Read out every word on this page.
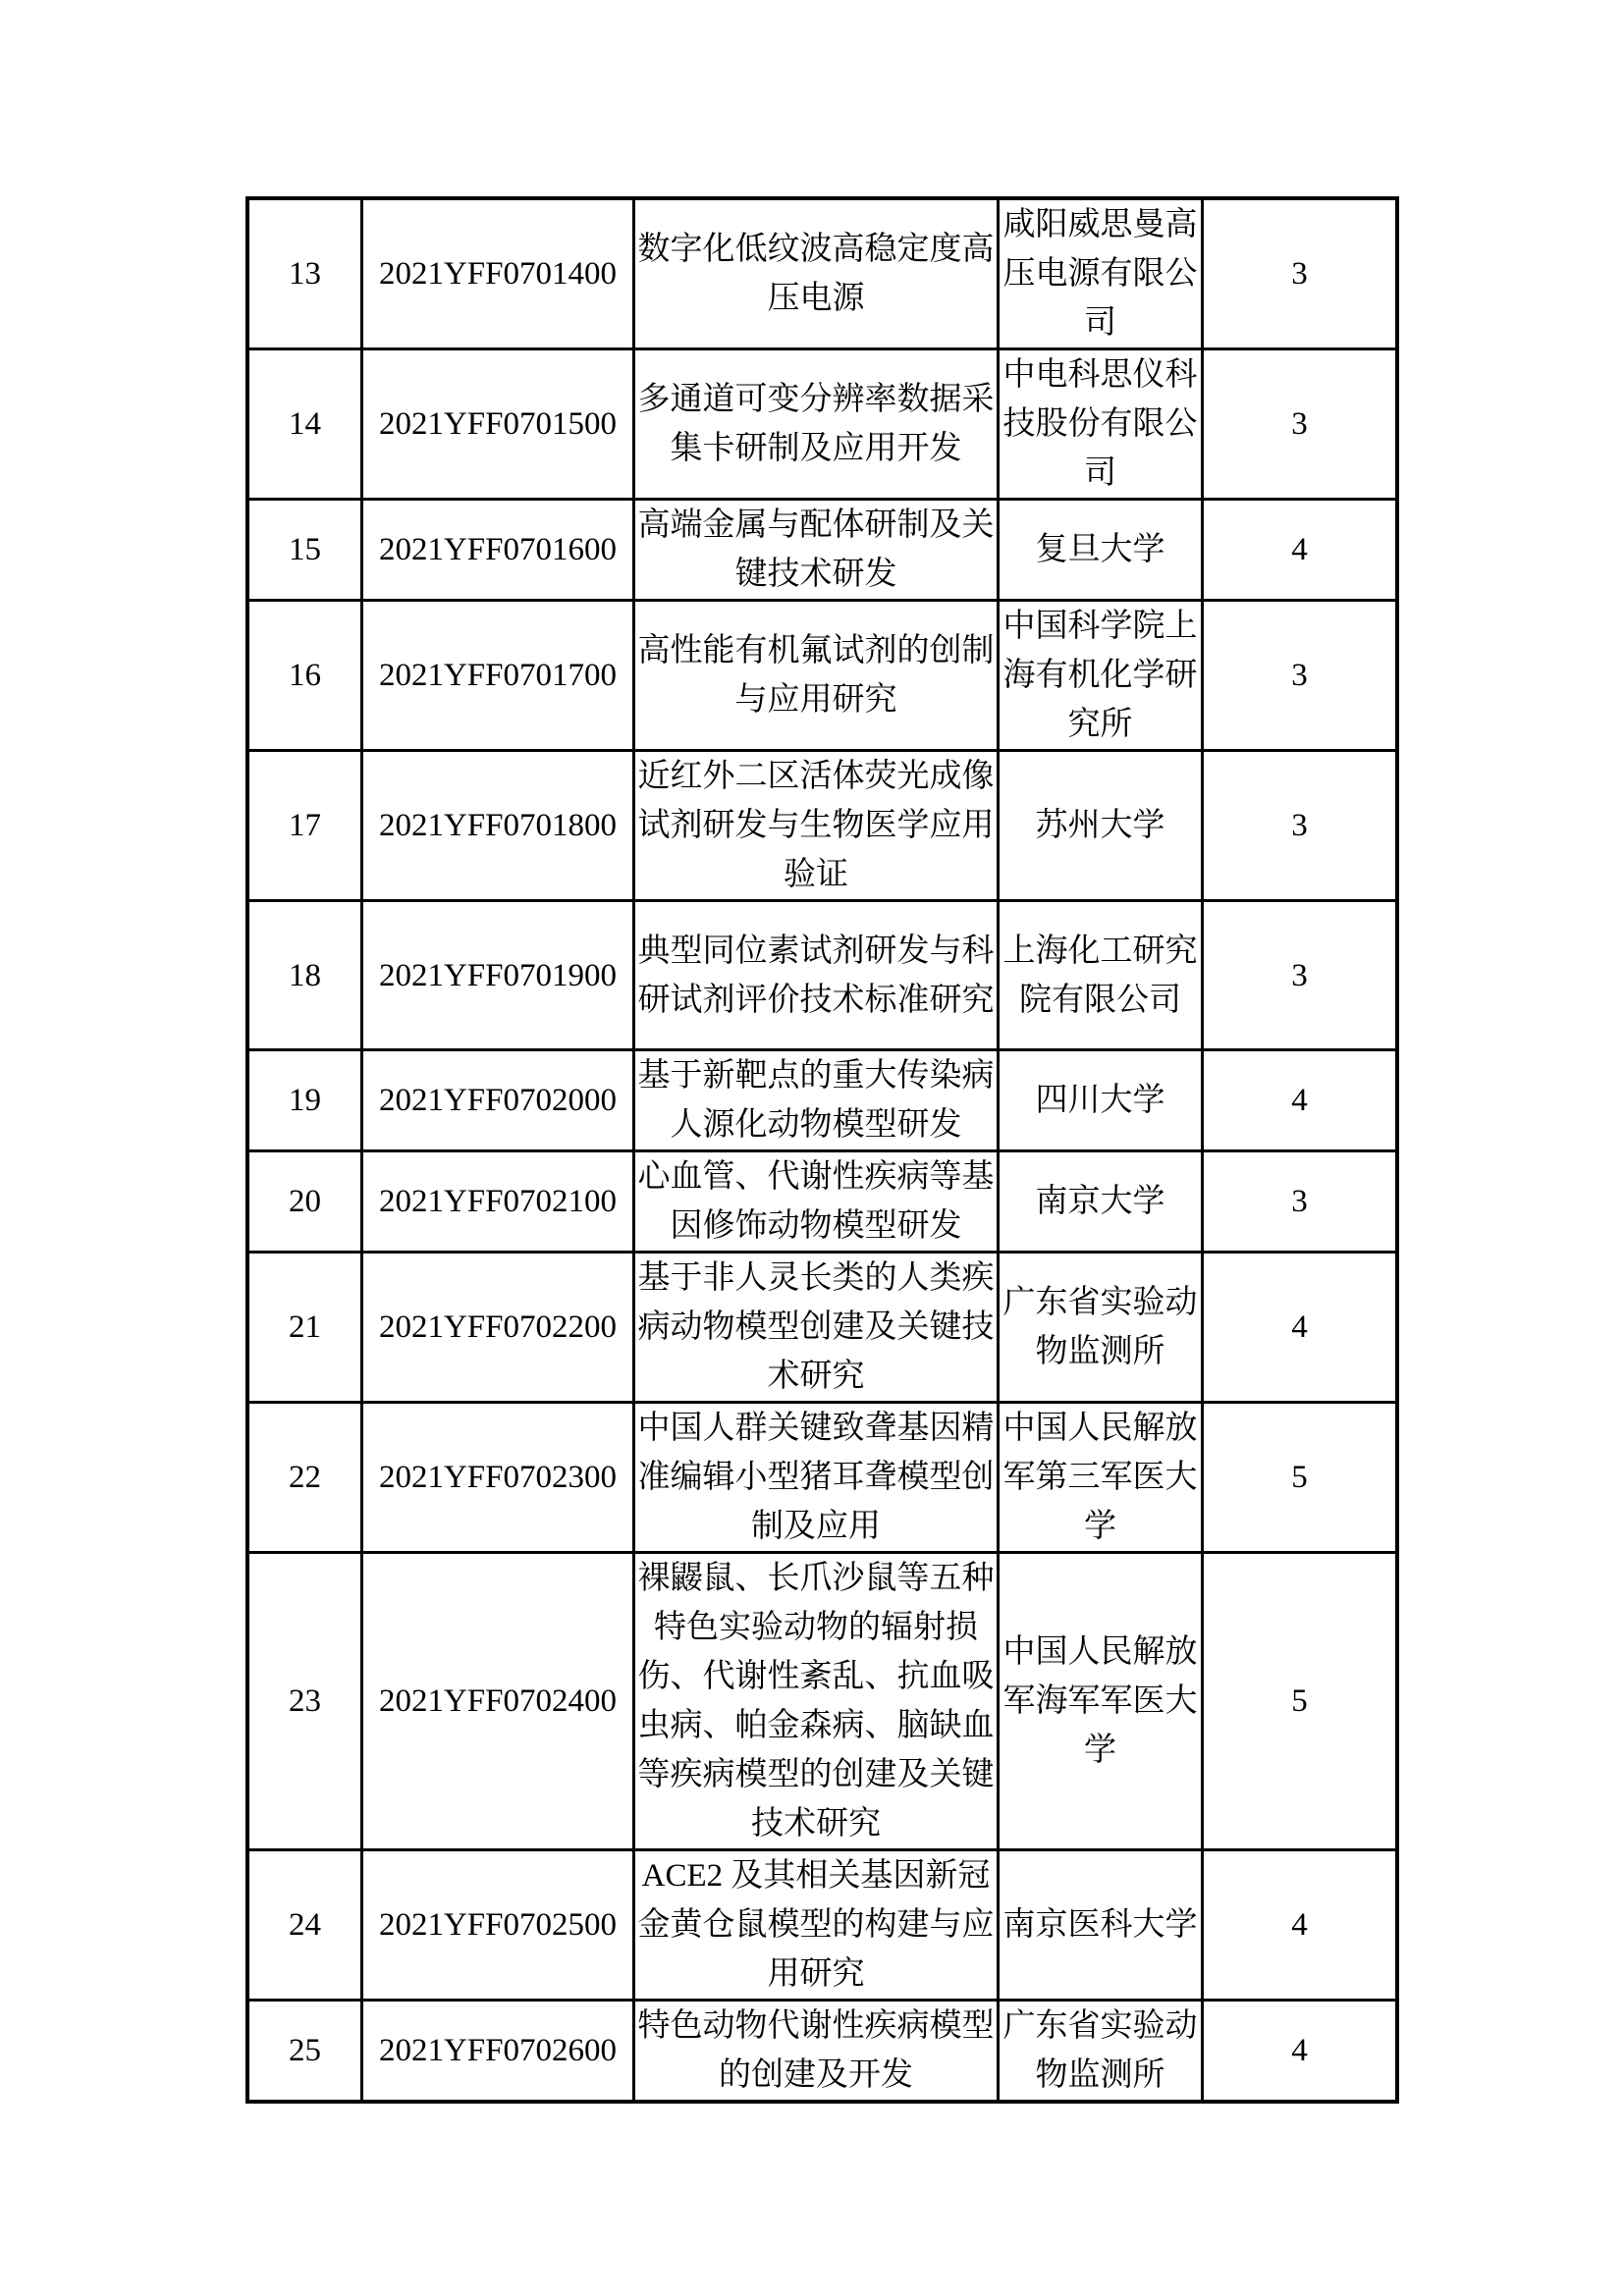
13	2021YFF0701400	数字化低纹波高稳定度高压电源	咸阳威思曼高压电源有限公司	3
14	2021YFF0701500	多通道可变分辨率数据采集卡研制及应用开发	中电科思仪科技股份有限公司	3
15	2021YFF0701600	高端金属与配体研制及关键技术研发	复旦大学	4
16	2021YFF0701700	高性能有机氟试剂的创制与应用研究	中国科学院上海有机化学研究所	3
17	2021YFF0701800	近红外二区活体荧光成像试剂研发与生物医学应用验证	苏州大学	3
18	2021YFF0701900	典型同位素试剂研发与科研试剂评价技术标准研究	上海化工研究院有限公司	3
19	2021YFF0702000	基于新靶点的重大传染病人源化动物模型研发	四川大学	4
20	2021YFF0702100	心血管、代谢性疾病等基因修饰动物模型研发	南京大学	3
21	2021YFF0702200	基于非人灵长类的人类疾病动物模型创建及关键技术研究	广东省实验动物监测所	4
22	2021YFF0702300	中国人群关键致聋基因精准编辑小型猪耳聋模型创制及应用	中国人民解放军第三军医大学	5
23	2021YFF0702400	裸鼹鼠、长爪沙鼠等五种特色实验动物的辐射损伤、代谢性紊乱、抗血吸虫病、帕金森病、脑缺血等疾病模型的创建及关键技术研究	中国人民解放军海军军医大学	5
24	2021YFF0702500	ACE2 及其相关基因新冠金黄仓鼠模型的构建与应用研究	南京医科大学	4
25	2021YFF0702600	特色动物代谢性疾病模型的创建及开发	广东省实验动物监测所	4
